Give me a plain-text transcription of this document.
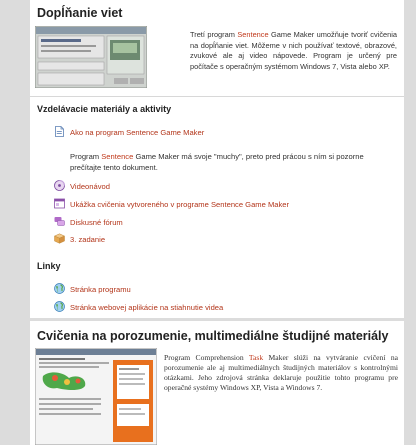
Dopĺňanie viet

Tretí program Sentence Game Maker umožňuje tvoriť cvičenia na dopĺňanie viet. Môžeme v nich používať textové, obrazové, zvukové ale aj video nápovede. Program je určený pre počítače s operačným systémom Windows 7, Vista alebo XP.

Vzdelávacie materiály a aktivity
Ako na program Sentence Game Maker

Program Sentence Game Maker má svoje "muchy", preto pred prácou s ním si pozorne prečítajte tento dokument.

Videonávod
Ukážka cvičenia vytvoreného v programe Sentence Game Maker
Diskusné fórum
3. zadanie
Linky
Stránka programu
Stránka webovej aplikácie na stiahnutie videa
Cvičenia na porozumenie, multimediálne študijné materiály

Program Comprehension Task Maker slúži na vytváranie cvičení na porozumenie ale aj multimediálnych študijných materiálov s kontrolnými otázkami. Jeho zdrojová stránka deklaruje použitie tohto programu pre operačné systémy Windows XP, Vista a Windows 7.
